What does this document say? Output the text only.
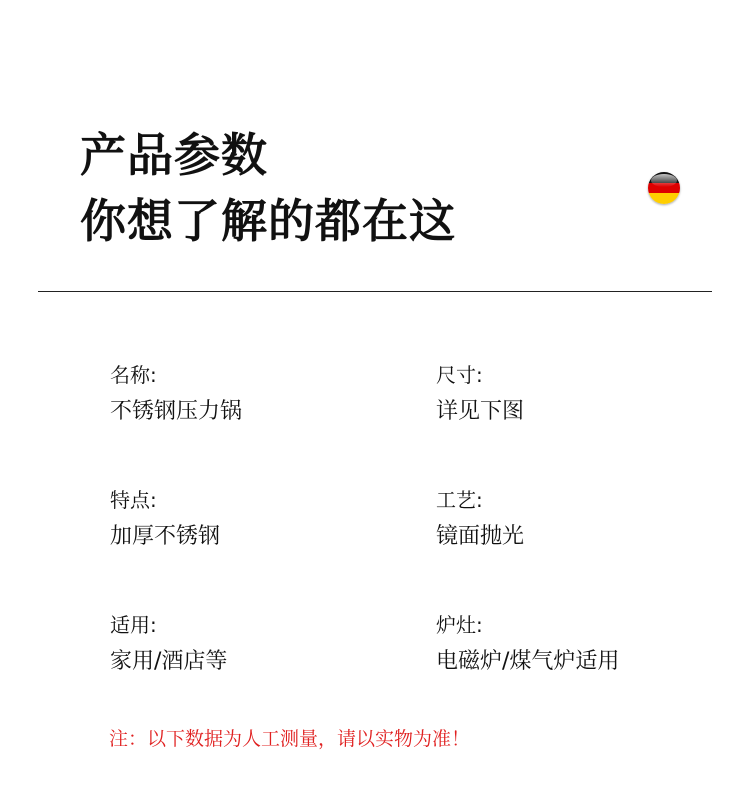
产品参数
你想了解的都在这
名称:
不锈钢压力锅
尺寸:
详见下图
特点:
加厚不锈钢
工艺:
镜面抛光
适用:
家用/酒店等
炉灶:
电磁炉/煤气炉适用
注：以下数据为人工测量，请以实物为准！
